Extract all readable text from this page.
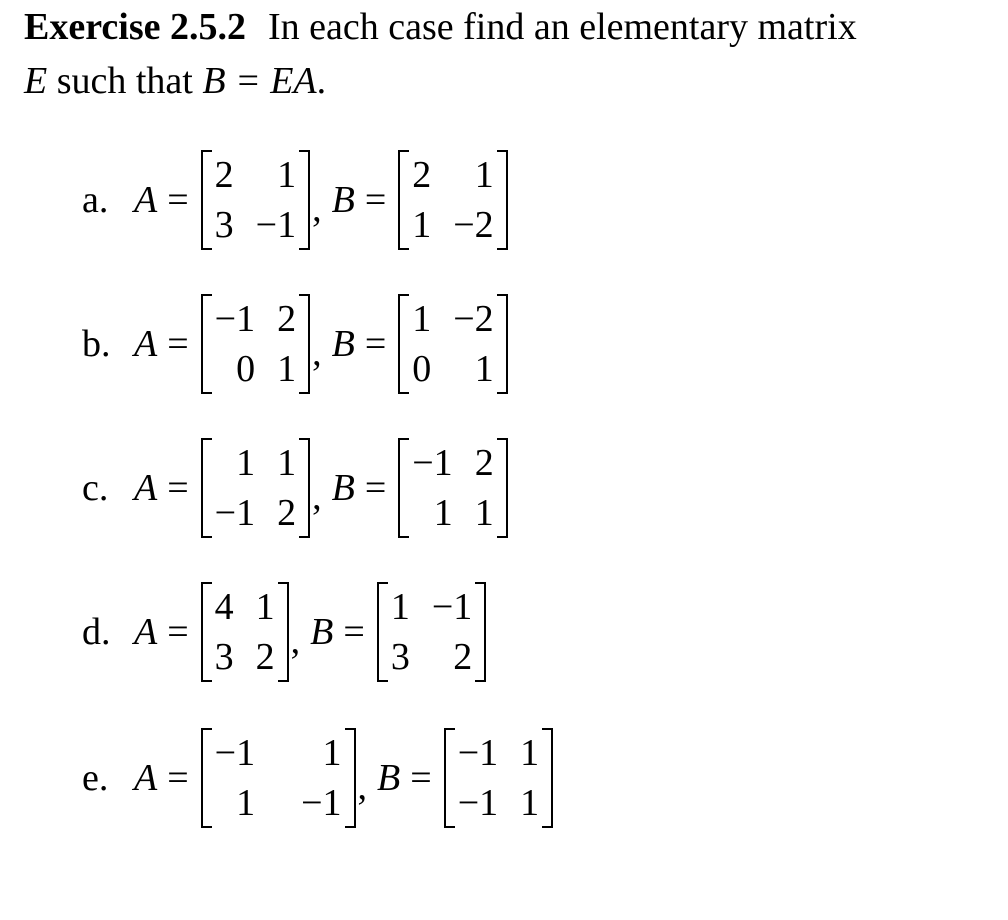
Exercise 2.5.2 In each case find an elementary matrix
E such that B = EA.
a. A =
2	1
3 −1 , B =
2	1
1 −2
b. A =
−1 2
0 1 , B =
1 −2
0	1
c. A =
1 1
−1 2 , B =
−1 2
1 1
d. A =
4 1
3 2 , B =
1 −1
3	2
e. A =
−1	1
1 −1 , B =
−1 1
−1 1
